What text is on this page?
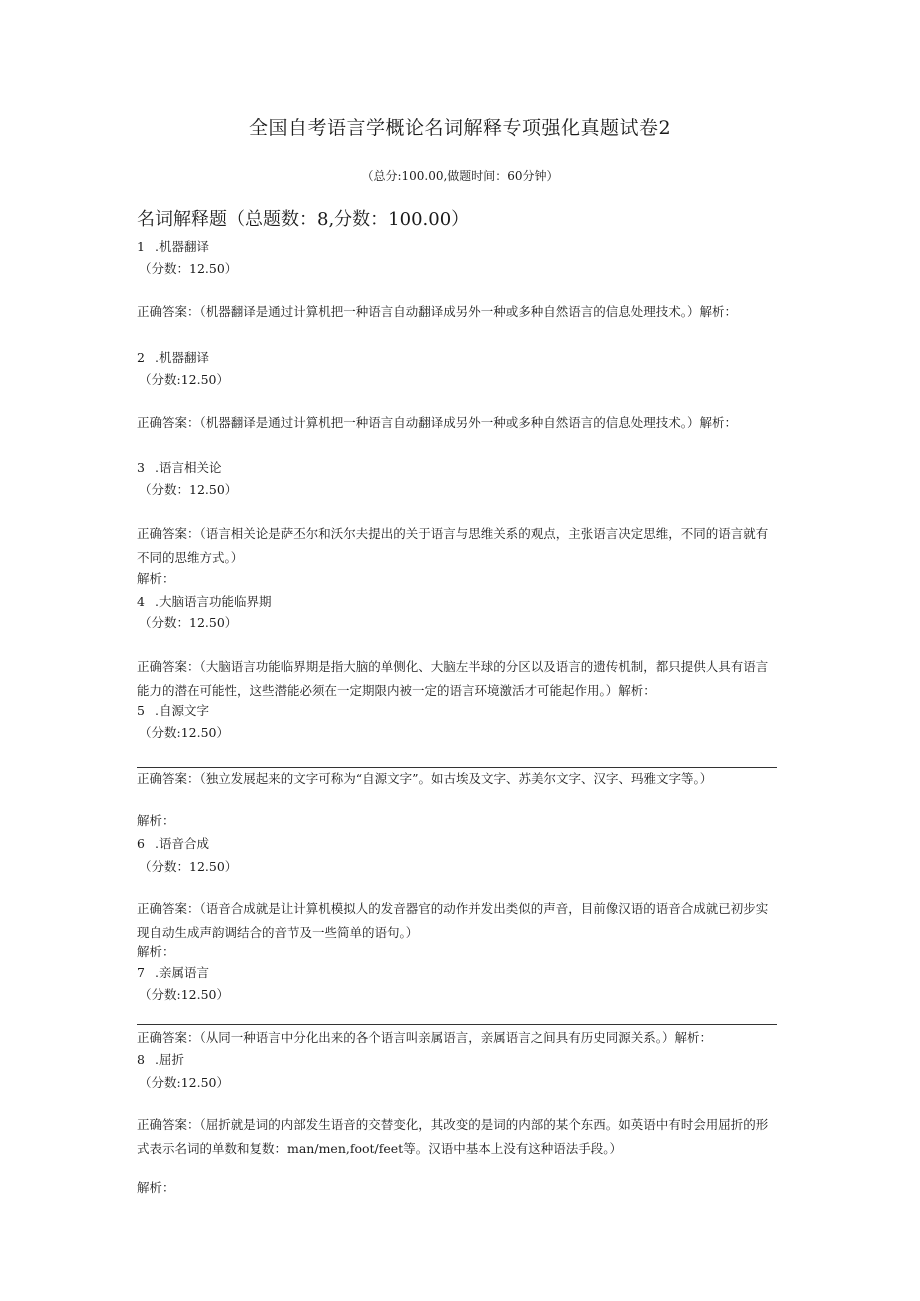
全国自考语言学概论名词解释专项强化真题试卷2
（总分:100.00,做题时间：60分钟）
名词解释题（总题数：8,分数：100.00）
1 .机器翻译
（分数：12.50）
正确答案：（机器翻译是通过计算机把一种语言自动翻译成另外一种或多种自然语言的信息处理技术。）解析：
2 .机器翻译
（分数:12.50）
正确答案：（机器翻译是通过计算机把一种语言自动翻译成另外一种或多种自然语言的信息处理技术。）解析：
3 .语言相关论
（分数：12.50）
正确答案：（语言相关论是萨丕尔和沃尔夫提出的关于语言与思维关系的观点，主张语言决定思维，不同的语言就有不同的思维方式。）
解析：
4 .大脑语言功能临界期
（分数：12.50）
正确答案：（大脑语言功能临界期是指大脑的单侧化、大脑左半球的分区以及语言的遗传机制，都只提供人具有语言能力的潜在可能性，这些潜能必须在一定期限内被一定的语言环境激活才可能起作用。）解析：
5 .自源文字
（分数:12.50）
正确答案：（独立发展起来的文字可称为“自源文字”。如古埃及文字、苏美尔文字、汉字、玛雅文字等。）
解析：
6 .语音合成
（分数：12.50）
正确答案：（语音合成就是让计算机模拟人的发音器官的动作并发出类似的声音，目前像汉语的语音合成就已初步实现自动生成声韵调结合的音节及一些简单的语句。）
解析：
7 .亲属语言
（分数:12.50）
正确答案：（从同一种语言中分化出来的各个语言叫亲属语言，亲属语言之间具有历史同源关系。）解析：
8 .屈折
（分数:12.50）
正确答案：（屈折就是词的内部发生语音的交替变化，其改变的是词的内部的某个东西。如英语中有时会用屈折的形式表示名词的单数和复数：man/men,foot/feet等。汉语中基本上没有这种语法手段。）
解析：
